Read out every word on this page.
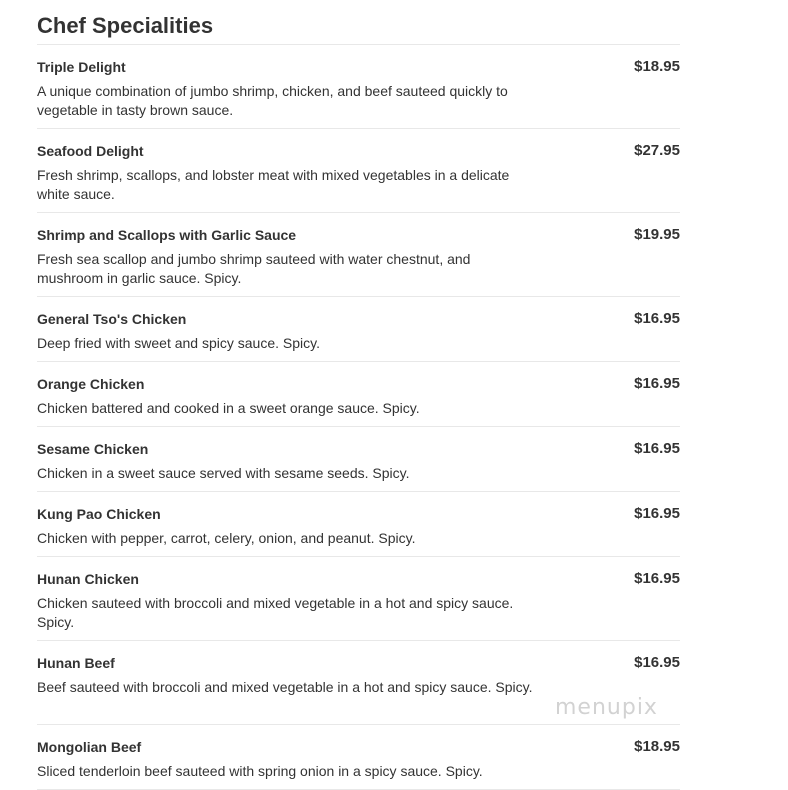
Chef Specialities
Triple Delight	$18.95
A unique combination of jumbo shrimp, chicken, and beef sauteed quickly to vegetable in tasty brown sauce.
Seafood Delight	$27.95
Fresh shrimp, scallops, and lobster meat with mixed vegetables in a delicate white sauce.
Shrimp and Scallops with Garlic Sauce	$19.95
Fresh sea scallop and jumbo shrimp sauteed with water chestnut, and mushroom in garlic sauce. Spicy.
General Tso's Chicken	$16.95
Deep fried with sweet and spicy sauce. Spicy.
Orange Chicken	$16.95
Chicken battered and cooked in a sweet orange sauce. Spicy.
Sesame Chicken	$16.95
Chicken in a sweet sauce served with sesame seeds. Spicy.
Kung Pao Chicken	$16.95
Chicken with pepper, carrot, celery, onion, and peanut. Spicy.
Hunan Chicken	$16.95
Chicken sauteed with broccoli and mixed vegetable in a hot and spicy sauce. Spicy.
Hunan Beef	$16.95
Beef sauteed with broccoli and mixed vegetable in a hot and spicy sauce. Spicy.
Mongolian Beef	$18.95
Sliced tenderloin beef sauteed with spring onion in a spicy sauce. Spicy.
menupix
